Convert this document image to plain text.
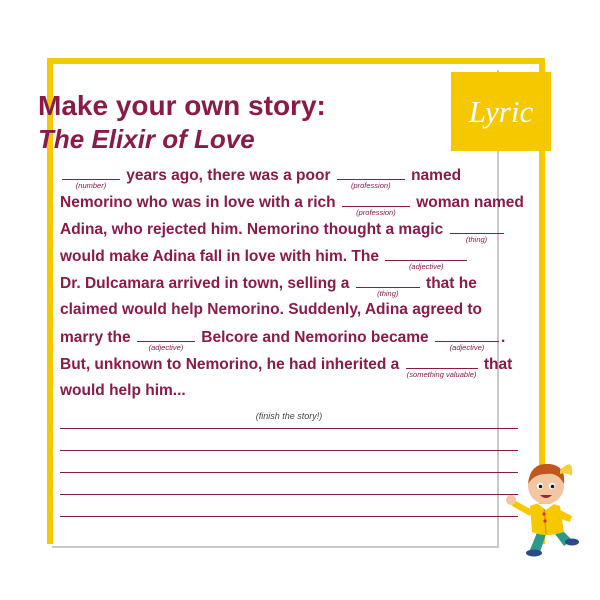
Lyric
Make your own story:
The Elixir of Love
(number)
years ago, there was a poor
(profession)
named
Nemorino who was in love with a rich
(profession)
woman named
Adina, who rejected him. Nemorino thought a magic
(thing)
would make Adina fall in love with him. The
(adjective)
Dr. Dulcamara arrived in town, selling a
(thing)
that he
claimed would help Nemorino. Suddenly, Adina agreed to
marry the
(adjective)
Belcore and Nemorino became
(adjective)
.
But, unknown to Nemorino, he had inherited a
(something valuable)
that
would help him...
(finish the story!)
